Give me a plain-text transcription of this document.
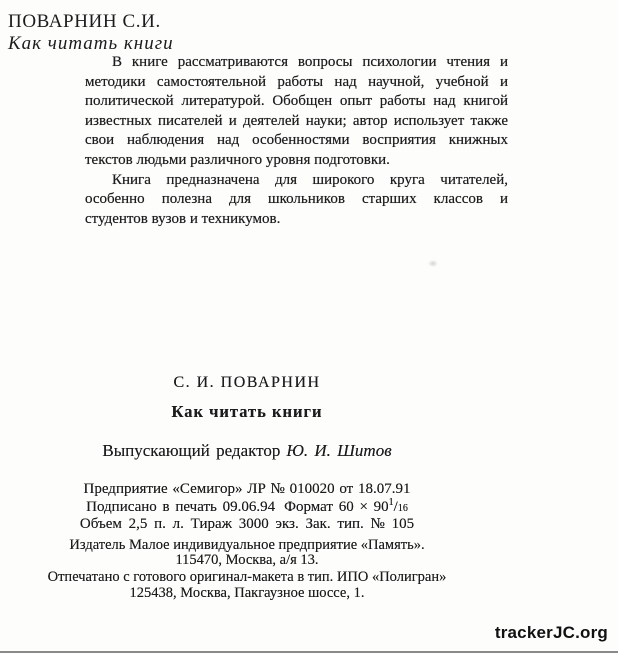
ПОВАРНИН С.И.
Как читать книги
В книге рассматриваются вопросы психологии чтения и
методики самостоятельной работы над научной, учебной и
политической литературой. Обобщен опыт работы над книгой
известных писателей и деятелей науки; автор использует также
свои наблюдения над особенностями восприятия книжных
текстов людьми различного уровня подготовки.
Книга предназначена для широкого круга читателей,
особенно полезна для школьников старших классов и
студентов вузов и техникумов.
С. И. ПОВАРНИН
Как читать книги
Выпускающий редактор Ю. И. Шитов
Предприятие «Семигор» ЛР № 010020 от 18.07.91
Подписано в печать 09.06.94 Формат $60 \times 90^1/16$
Объем 2,5 п. л. Тираж 3000 экз. Зак. тип. № 105
Издатель Малое индивидуальное предприятие «Память».
115470, Москва, а/я 13.
Отпечатано с готового оригинал-макета в тип. ИПО «Полигран»
125438, Москва, Пакгаузное шоссе, 1.
trackerJC.org
